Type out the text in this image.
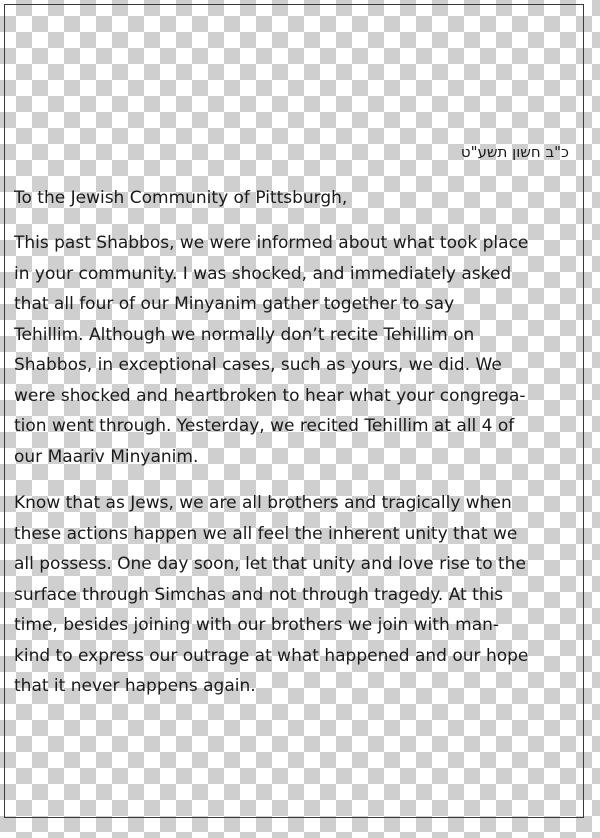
כ"ב חשון תשע"ט
To the Jewish Community of Pittsburgh,

This past Shabbos, we were informed about what took place
in your community. I was shocked, and immediately asked
that all four of our Minyanim gather together to say
Tehillim. Although we normally don’t recite Tehillim on
Shabbos, in exceptional cases, such as yours, we did. We
were shocked and heartbroken to hear what your congrega-
tion went through. Yesterday, we recited Tehillim at all 4 of
our Maariv Minyanim.

Know that as Jews, we are all brothers and tragically when
these actions happen we all feel the inherent unity that we
all possess. One day soon, let that unity and love rise to the
surface through Simchas and not through tragedy. At this
time, besides joining with our brothers we join with man-
kind to express our outrage at what happened and our hope
that it never happens again.
